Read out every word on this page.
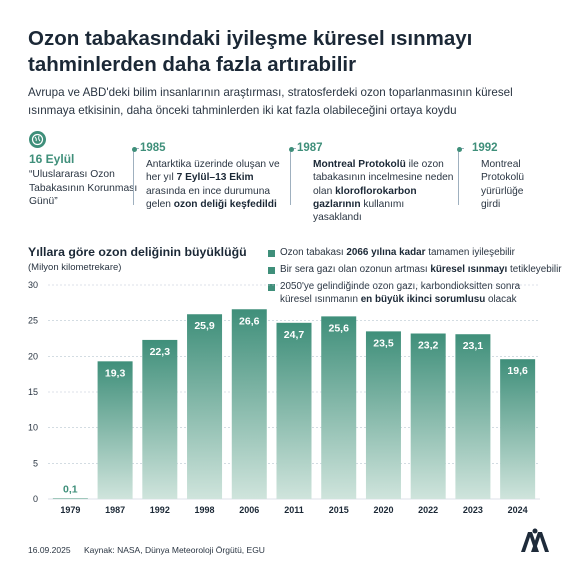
Ozon tabakasındaki iyileşme küresel ısınmayı tahminlerden daha fazla artırabilir
Avrupa ve ABD'deki bilim insanlarının araştırması, stratosferdeki ozon toparlanmasının küresel ısınmaya etkisinin, daha önceki tahminlerden iki kat fazla olabileceğini ortaya koydu
16 Eylül
“Uluslararası Ozon Tabakasının Korunması Günü”
1985
Antarktika üzerinde oluşan ve her yıl 7 Eylül–13 Ekim arasında en ince durumuna gelen ozon deliği keşfedildi
1987
Montreal Protokolü ile ozon tabakasının incelmesine neden olan kloroflorokarbon gazlarının kullanımı yasaklandı
1992
Montreal Protokolü yürürlüğe girdi
Yıllara göre ozon deliğinin büyüklüğü
(Milyon kilometrekare)
Ozon tabakası 2066 yılına kadar tamamen iyileşebilir
Bir sera gazı olan ozonun artması küresel ısınmayı tetikleyebilir
2050'ye gelindiğinde ozon gazı, karbondioksitten sonra küresel ısınmanın en büyük ikinci sorumlusu olacak
0
5
10
15
20
25
30
0,1
1979
19,3
1987
22,3
1992
25,9
1998
26,6
2006
24,7
2011
25,6
2015
23,5
2020
23,2
2022
23,1
2023
19,6
2024
16.09.2025 Kaynak: NASA, Dünya Meteoroloji Örgütü, EGU
